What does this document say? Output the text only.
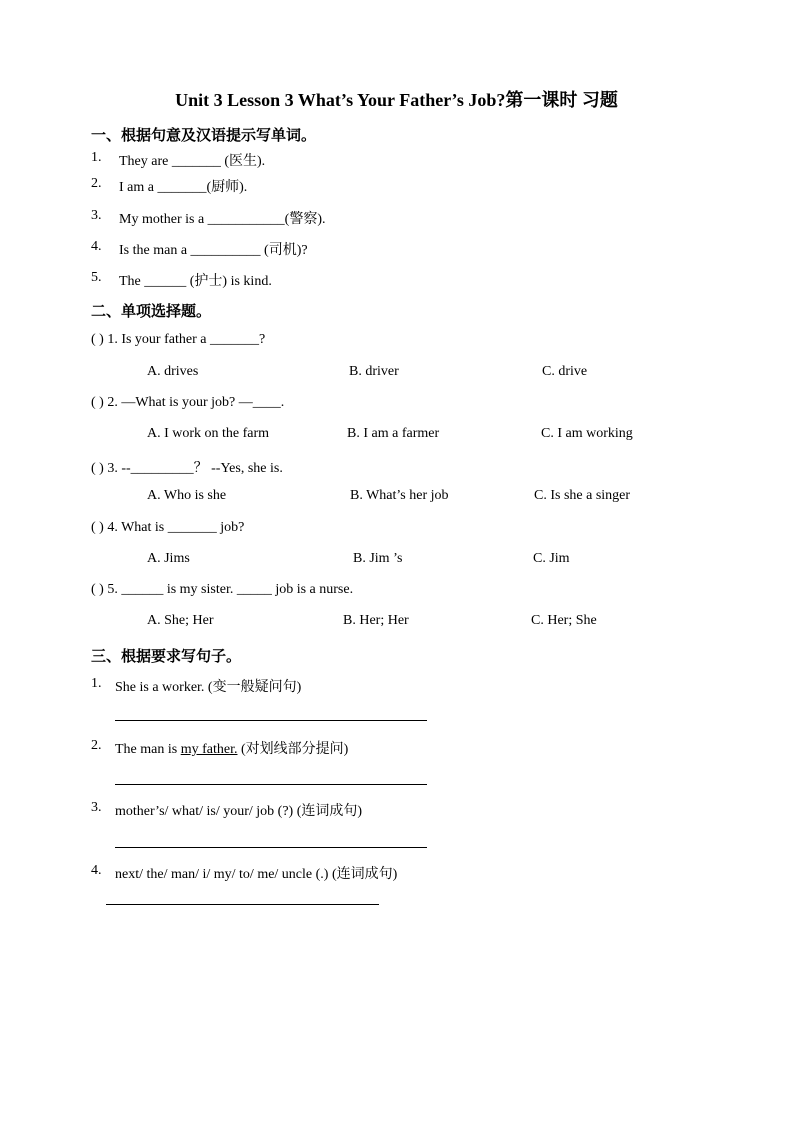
Unit 3 Lesson 3 What’s Your Father’s Job?第一课时 习题
一、根据句意及汉语提示写单词。
1. They are _______ (医生).
2. I am a _______(厨师).
3. My mother is a ___________(警察).
4. Is the man a __________ (司机)?
5. The ______ (护士) is kind.
二、单项选择题。
( ) 1. Is your father a _______?
A. drives	B. driver	C. drive
( ) 2. —What is your job? —____.
A. I work on the farm	B. I am a farmer	C. I am working
( ) 3. --_________？ --Yes, she is.
A. Who is she	B. What’s her job	C. Is she a singer
( ) 4. What is _______ job?
A. Jims	B. Jim ’s	C. Jim
( ) 5. ______ is my sister. _____ job is a nurse.
A. She; Her	B. Her; Her	C. Her; She
三、根据要求写句子。
1. She is a worker. (变一般疑问句)
2. The man is my father. (对划线部分提问)
3. mother’s/ what/ is/ your/ job (?) (连词成句)
4. next/ the/ man/ i/ my/ to/ me/ uncle (.) (连词成句)
